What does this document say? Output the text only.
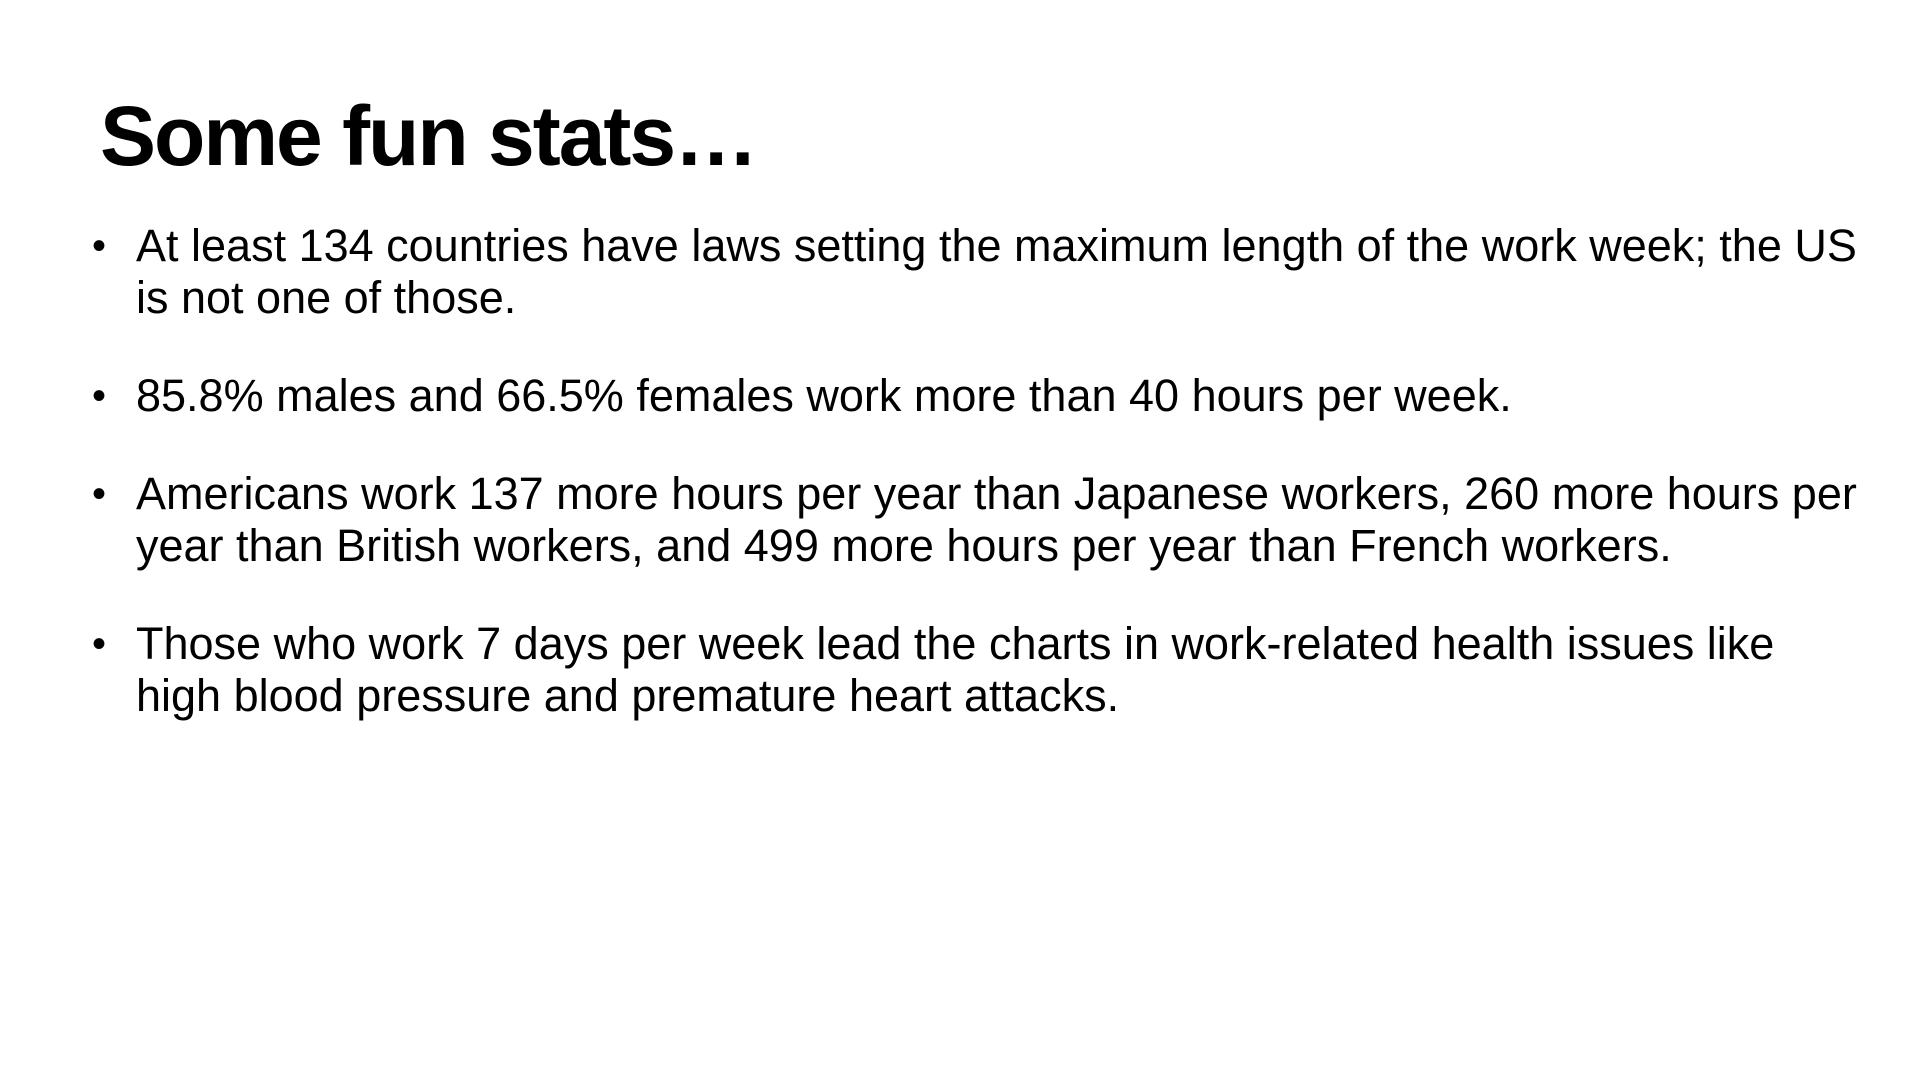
Some fun stats…
• At least 134 countries have laws setting the maximum length of the work week; the US is not one of those.
• 85.8% males and 66.5% females work more than 40 hours per week.
• Americans work 137 more hours per year than Japanese workers, 260 more hours per year than British workers, and 499 more hours per year than French workers.
• Those who work 7 days per week lead the charts in work-related health issues like high blood pressure and premature heart attacks.
